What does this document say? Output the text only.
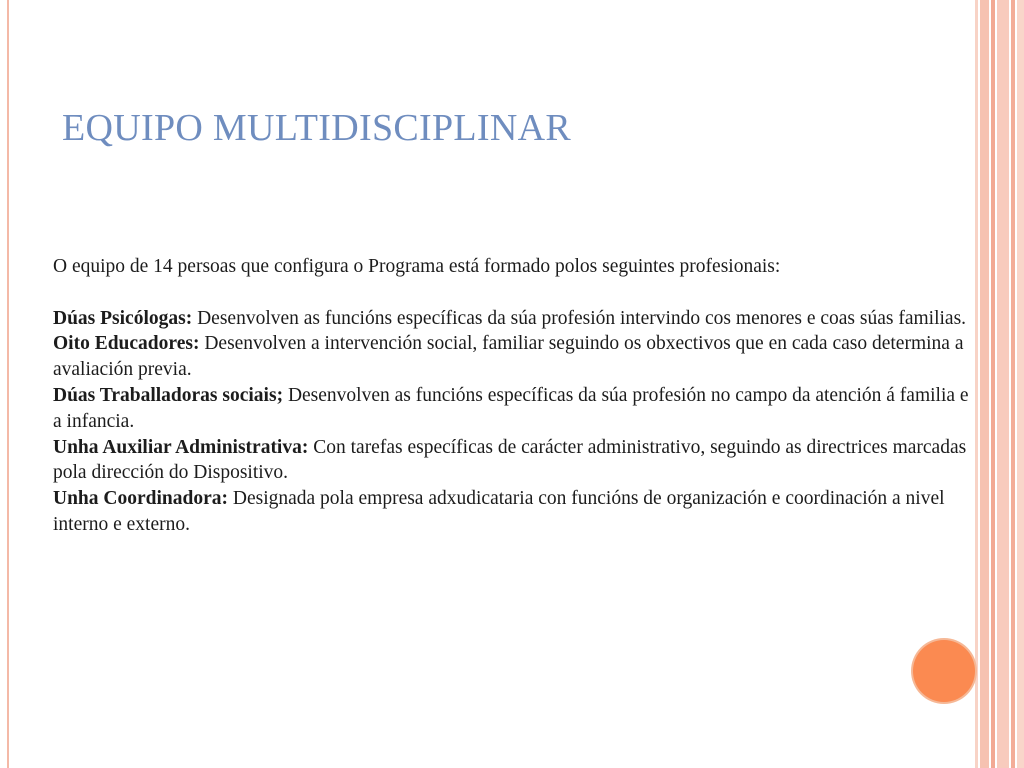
EQUIPO MULTIDISCIPLINAR

O equipo de 14 persoas que configura o Programa está formado polos seguintes profesionais:

Dúas Psicólogas: Desenvolven as funcións específicas da súa profesión intervindo cos menores e coas súas familias.

Oito Educadores: Desenvolven a intervención social, familiar seguindo os obxectivos que en cada caso determina a avaliación previa.

Dúas Traballadoras sociais; Desenvolven as funcións específicas da súa profesión no campo da atención á familia e a infancia.

Unha Auxiliar Administrativa: Con tarefas específicas de carácter administrativo, seguindo as directrices marcadas pola dirección do Dispositivo.

Unha Coordinadora: Designada pola empresa adxudicataria con funcións de organización e coordinación a nivel interno e externo.
